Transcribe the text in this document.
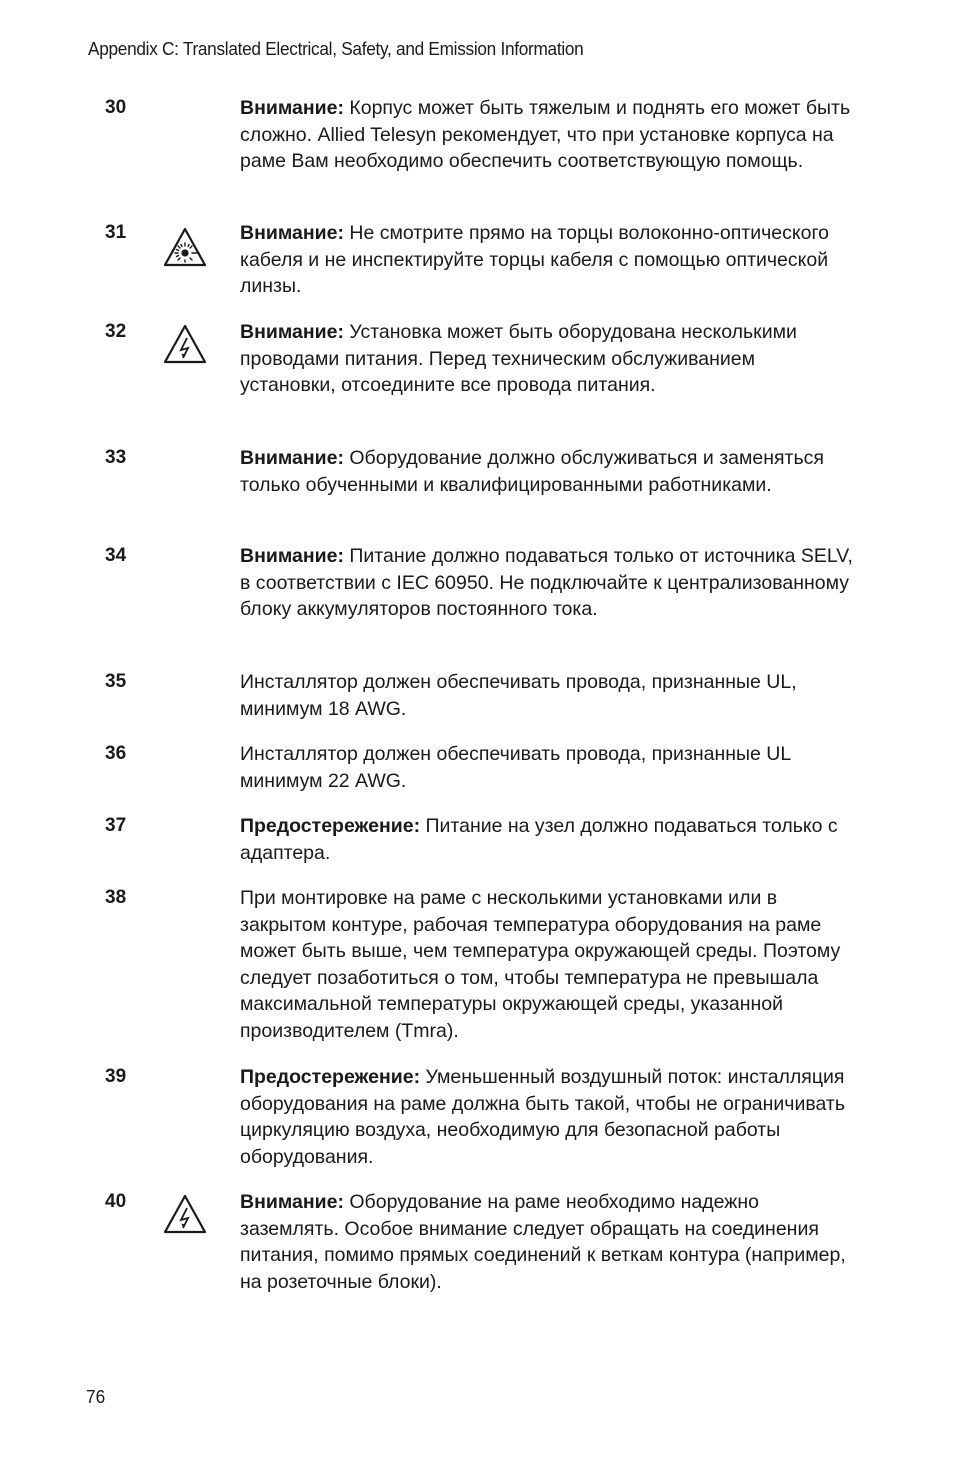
Appendix C: Translated Electrical, Safety, and Emission Information
30	Внимание: Корпус может быть тяжелым и поднять его может быть сложно. Allied Telesyn рекомендует, что при установке корпуса на раме Вам необходимо обеспечить соответствующую помощь.
31	Внимание: Не смотрите прямо на торцы волоконно-оптического кабеля и не инспектируйте торцы кабеля с помощью оптической линзы.
32	Внимание: Установка может быть оборудована несколькими проводами питания. Перед техническим обслуживанием установки, отсоедините все провода питания.
33	Внимание: Оборудование должно обслуживаться и заменяться только обученными и квалифицированными работниками.
34	Внимание: Питание должно подаваться только от источника SELV, в соответствии с IEC 60950. Не подключайте к централизованному блоку аккумуляторов постоянного тока.
35	Инсталлятор должен обеспечивать провода, признанные UL, минимум 18 AWG.
36	Инсталлятор должен обеспечивать провода, признанные UL минимум 22 AWG.
37	Предостережение: Питание на узел должно подаваться только с адаптера.
38	При монтировке на раме с несколькими установками или в закрытом контуре, рабочая температура оборудования на раме может быть выше, чем температура окружающей среды. Поэтому следует позаботиться о том, чтобы температура не превышала максимальной температуры окружающей среды, указанной производителем (Tmra).
39	Предостережение: Уменьшенный воздушный поток: инсталляция оборудования на раме должна быть такой, чтобы не ограничивать циркуляцию воздуха, необходимую для безопасной работы оборудования.
40	Внимание: Оборудование на раме необходимо надежно заземлять. Особое внимание следует обращать на соединения питания, помимо прямых соединений к веткам контура (например, на розеточные блоки).
76
